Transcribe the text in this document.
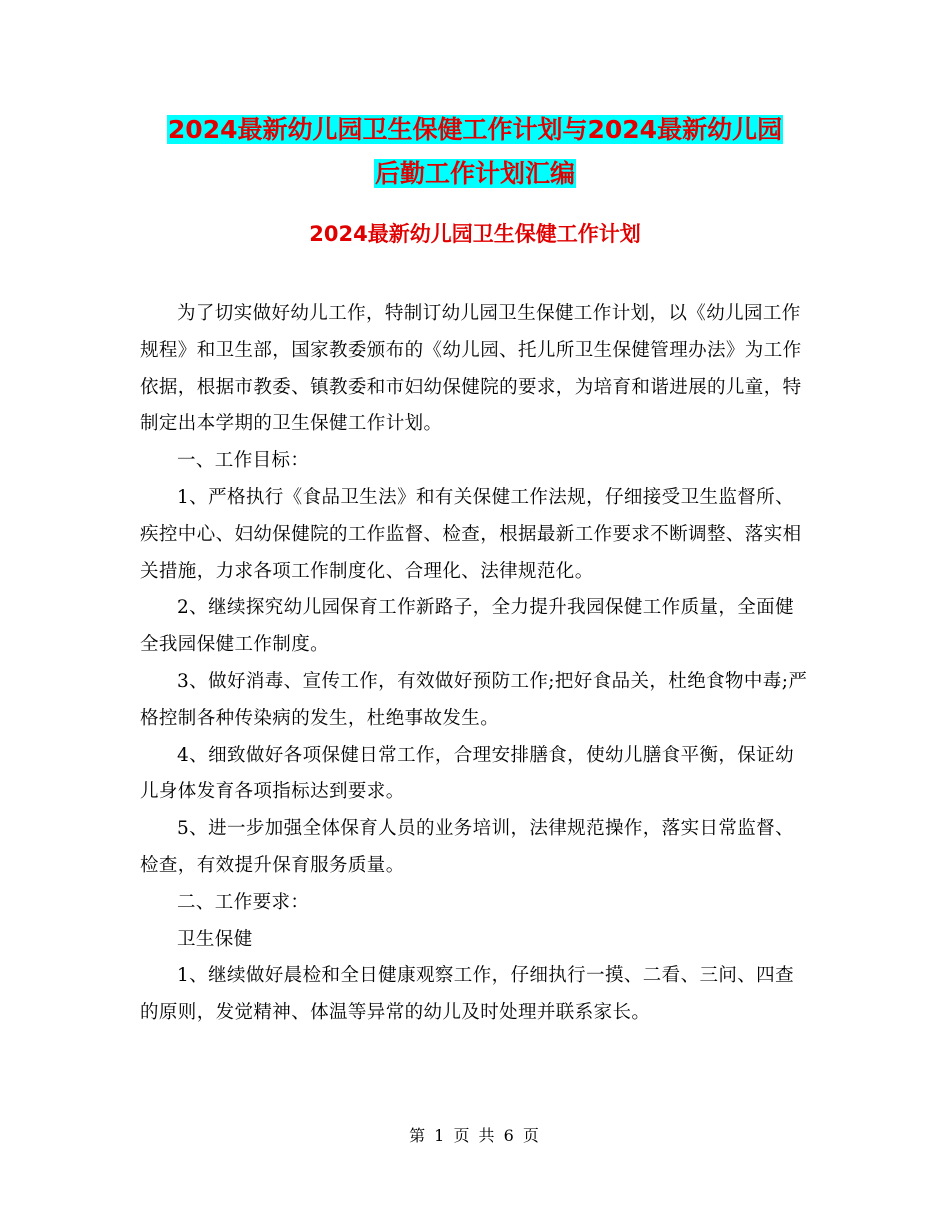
2024最新幼儿园卫生保健工作计划与2024最新幼儿园
后勤工作计划汇编
2024最新幼儿园卫生保健工作计划

为了切实做好幼儿工作，特制订幼儿园卫生保健工作计划，以《幼儿园工作规程》和卫生部，国家教委颁布的《幼儿园、托儿所卫生保健管理办法》为工作依据，根据市教委、镇教委和市妇幼保健院的要求，为培育和谐进展的儿童，特制定出本学期的卫生保健工作计划。

一、工作目标：

1、严格执行《食品卫生法》和有关保健工作法规，仔细接受卫生监督所、疾控中心、妇幼保健院的工作监督、检查，根据最新工作要求不断调整、落实相关措施，力求各项工作制度化、合理化、法律规范化。

2、继续探究幼儿园保育工作新路子，全力提升我园保健工作质量，全面健全我园保健工作制度。

3、做好消毒、宣传工作，有效做好预防工作;把好食品关，杜绝食物中毒;严格控制各种传染病的发生，杜绝事故发生。

4、细致做好各项保健日常工作，合理安排膳食，使幼儿膳食平衡，保证幼儿身体发育各项指标达到要求。

5、进一步加强全体保育人员的业务培训，法律规范操作，落实日常监督、检查，有效提升保育服务质量。

二、工作要求：

卫生保健

1、继续做好晨检和全日健康观察工作，仔细执行一摸、二看、三问、四查的原则，发觉精神、体温等异常的幼儿及时处理并联系家长。

第 1 页 共 6 页
